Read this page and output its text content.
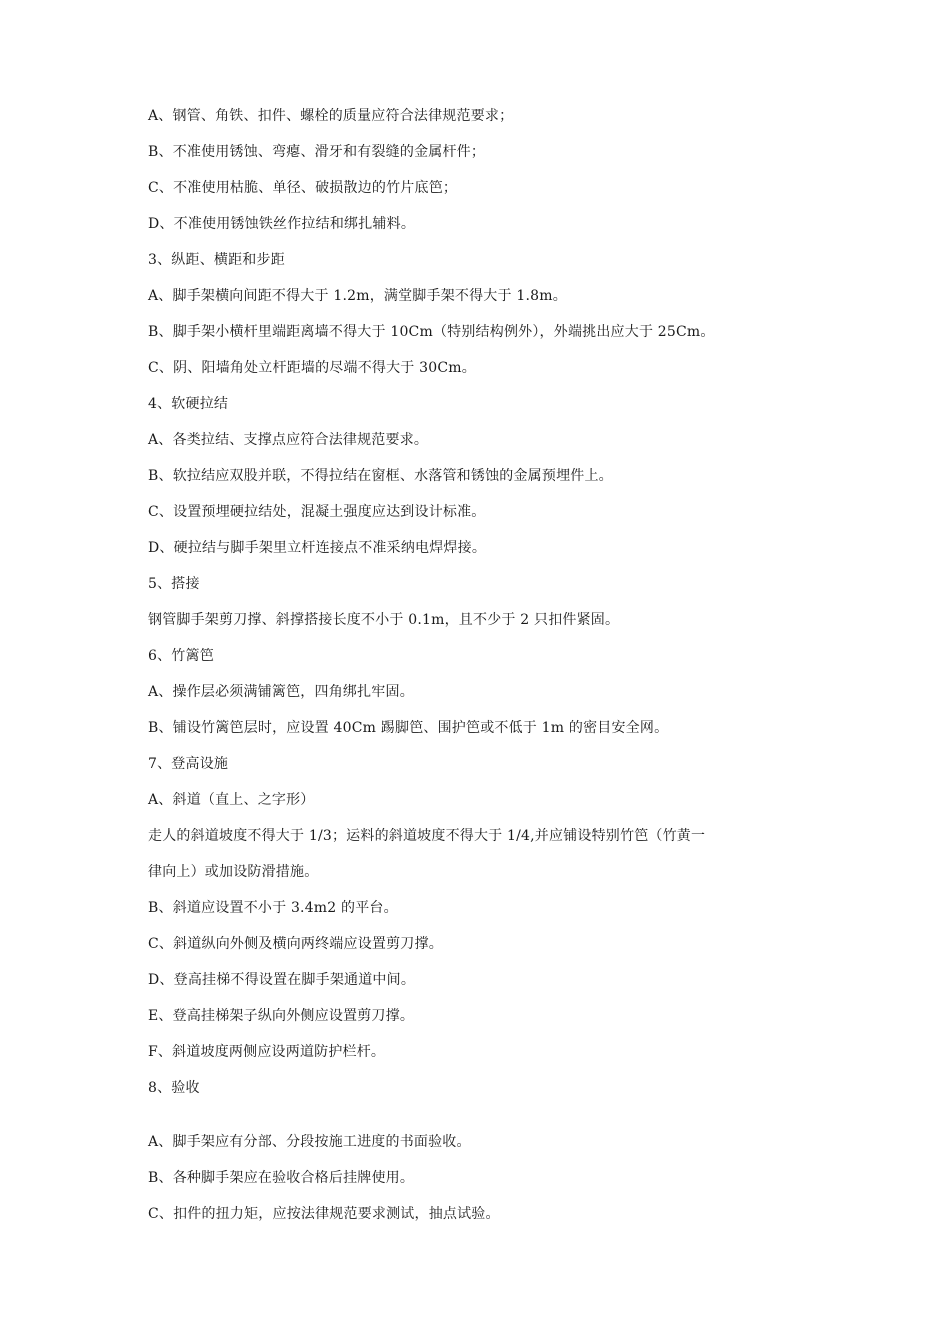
A、钢管、角铁、扣件、螺栓的质量应符合法律规范要求；
B、不准使用锈蚀、弯瘪、滑牙和有裂缝的金属杆件；
C、不准使用枯脆、单径、破损散边的竹片底笆；
D、不准使用锈蚀铁丝作拉结和绑扎辅料。
3、纵距、横距和步距
A、脚手架横向间距不得大于 1.2m，满堂脚手架不得大于 1.8m。
B、脚手架小横杆里端距离墙不得大于 10Cm（特别结构例外），外端挑出应大于 25Cm。
C、阴、阳墙角处立杆距墙的尽端不得大于 30Cm。
4、软硬拉结
A、各类拉结、支撑点应符合法律规范要求。
B、软拉结应双股并联，不得拉结在窗框、水落管和锈蚀的金属预埋件上。
C、设置预埋硬拉结处，混凝土强度应达到设计标准。
D、硬拉结与脚手架里立杆连接点不准采纳电焊焊接。
5、搭接
钢管脚手架剪刀撑、斜撑搭接长度不小于 0.1m，且不少于 2 只扣件紧固。
6、竹篱笆
A、操作层必须满铺篱笆，四角绑扎牢固。
B、铺设竹篱笆层时，应设置 40Cm 踢脚笆、围护笆或不低于 1m 的密目安全网。
7、登高设施
A、斜道（直上、之字形）
走人的斜道坡度不得大于 1/3；运料的斜道坡度不得大于 1/4,并应铺设特别竹笆（竹黄一
律向上）或加设防滑措施。
B、斜道应设置不小于 3.4m2 的平台。
C、斜道纵向外侧及横向两终端应设置剪刀撑。
D、登高挂梯不得设置在脚手架通道中间。
E、登高挂梯架子纵向外侧应设置剪刀撑。
F、斜道坡度两侧应设两道防护栏杆。
8、验收
A、脚手架应有分部、分段按施工进度的书面验收。
B、各种脚手架应在验收合格后挂牌使用。
C、扣件的扭力矩，应按法律规范要求测试，抽点试验。
